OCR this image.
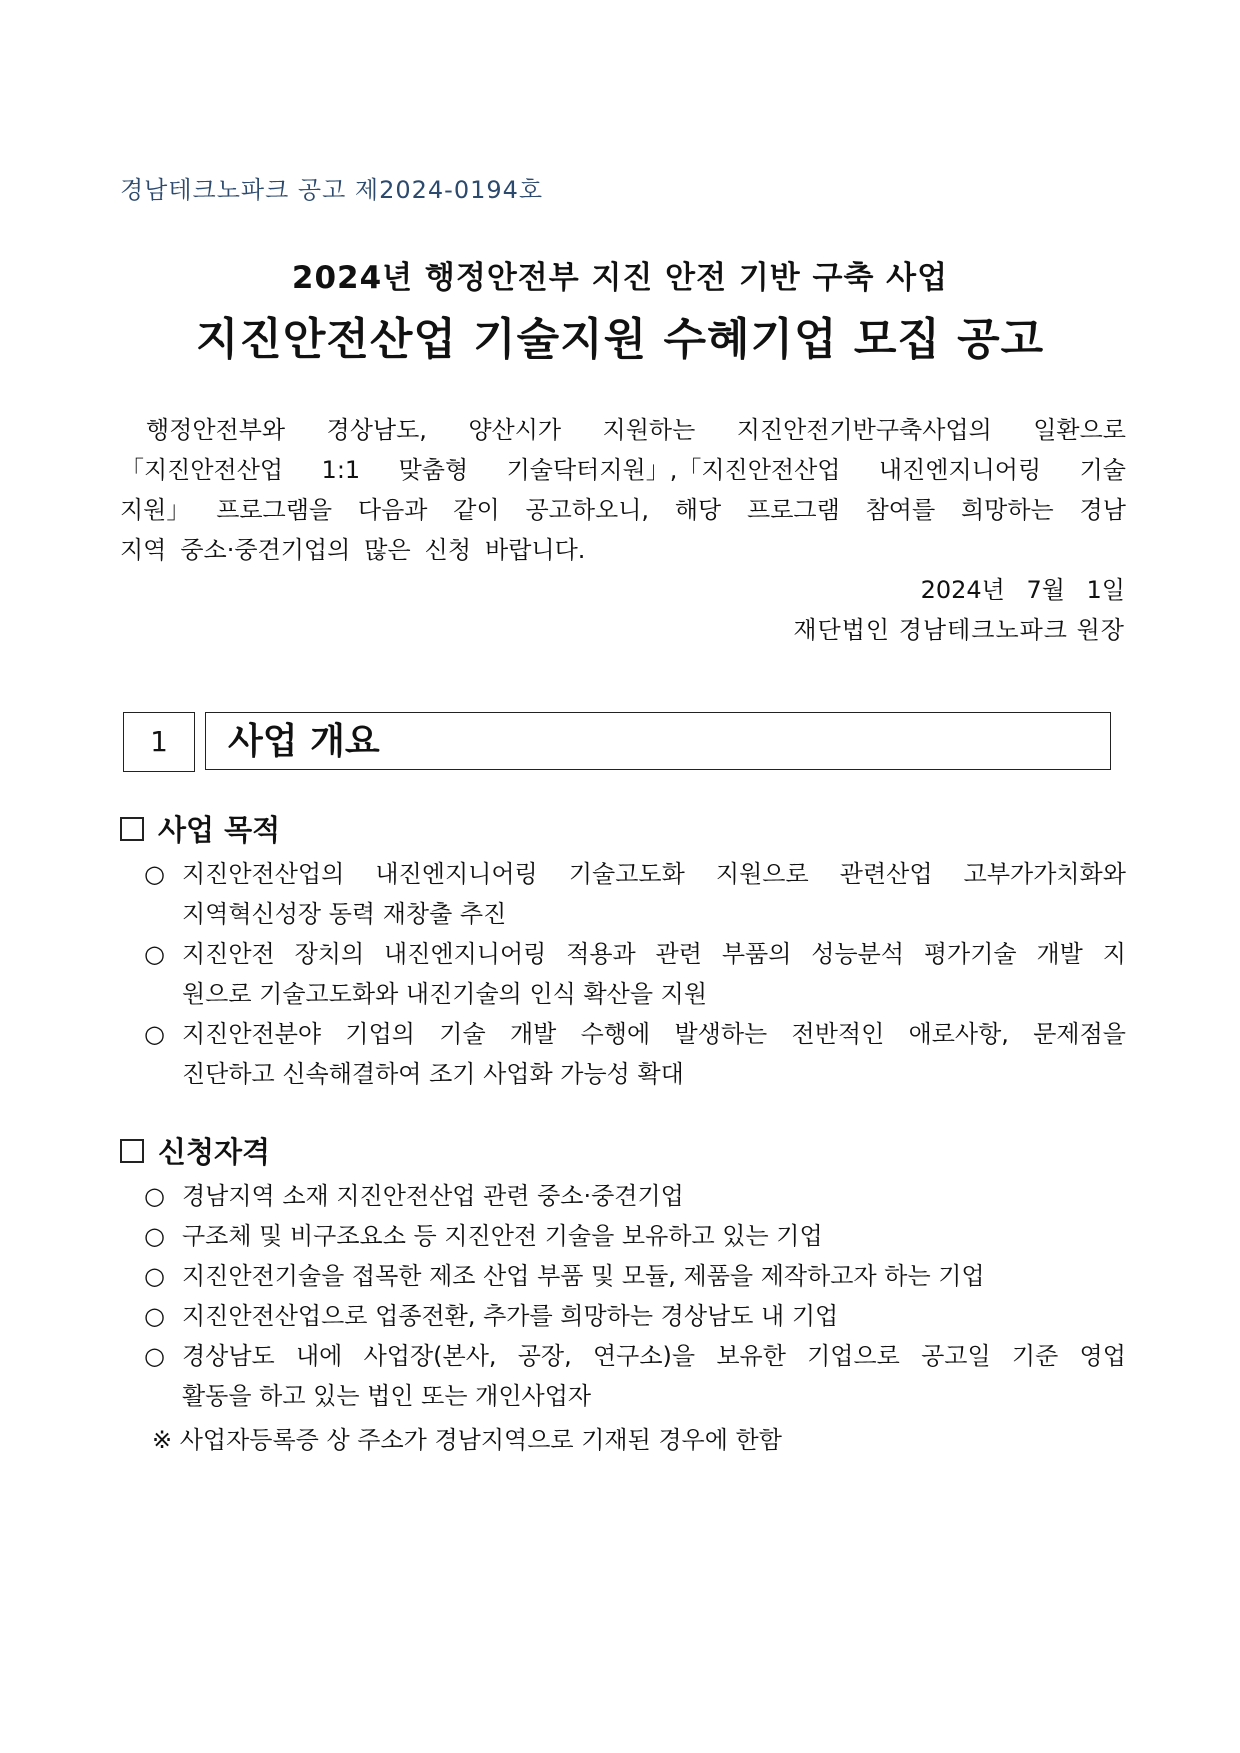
경남테크노파크 공고 제2024-0194호
2024년 행정안전부 지진 안전 기반 구축 사업
지진안전산업 기술지원 수혜기업 모집 공고
행정안전부와 경상남도, 양산시가 지원하는 지진안전기반구축사업의 일환으로
「지진안전산업 1:1 맞춤형 기술닥터지원」,「지진안전산업 내진엔지니어링 기술
지원」 프로그램을 다음과 같이 공고하오니, 해당 프로그램 참여를 희망하는 경남
지역 중소·중견기업의 많은 신청 바랍니다.
2024년 7월 1일
재단법인 경남테크노파크 원장
1	사업 개요
사업 목적
○ 지진안전산업의 내진엔지니어링 기술고도화 지원으로 관련산업 고부가가치화와
지역혁신성장 동력 재창출 추진
○ 지진안전 장치의 내진엔지니어링 적용과 관련 부품의 성능분석 평가기술 개발 지
원으로 기술고도화와 내진기술의 인식 확산을 지원
○ 지진안전분야 기업의 기술 개발 수행에 발생하는 전반적인 애로사항, 문제점을
진단하고 신속해결하여 조기 사업화 가능성 확대
신청자격
○ 경남지역 소재 지진안전산업 관련 중소·중견기업
○ 구조체 및 비구조요소 등 지진안전 기술을 보유하고 있는 기업
○ 지진안전기술을 접목한 제조 산업 부품 및 모듈, 제품을 제작하고자 하는 기업
○ 지진안전산업으로 업종전환, 추가를 희망하는 경상남도 내 기업
○ 경상남도 내에 사업장(본사, 공장, 연구소)을 보유한 기업으로 공고일 기준 영업
활동을 하고 있는 법인 또는 개인사업자
※ 사업자등록증 상 주소가 경남지역으로 기재된 경우에 한함
